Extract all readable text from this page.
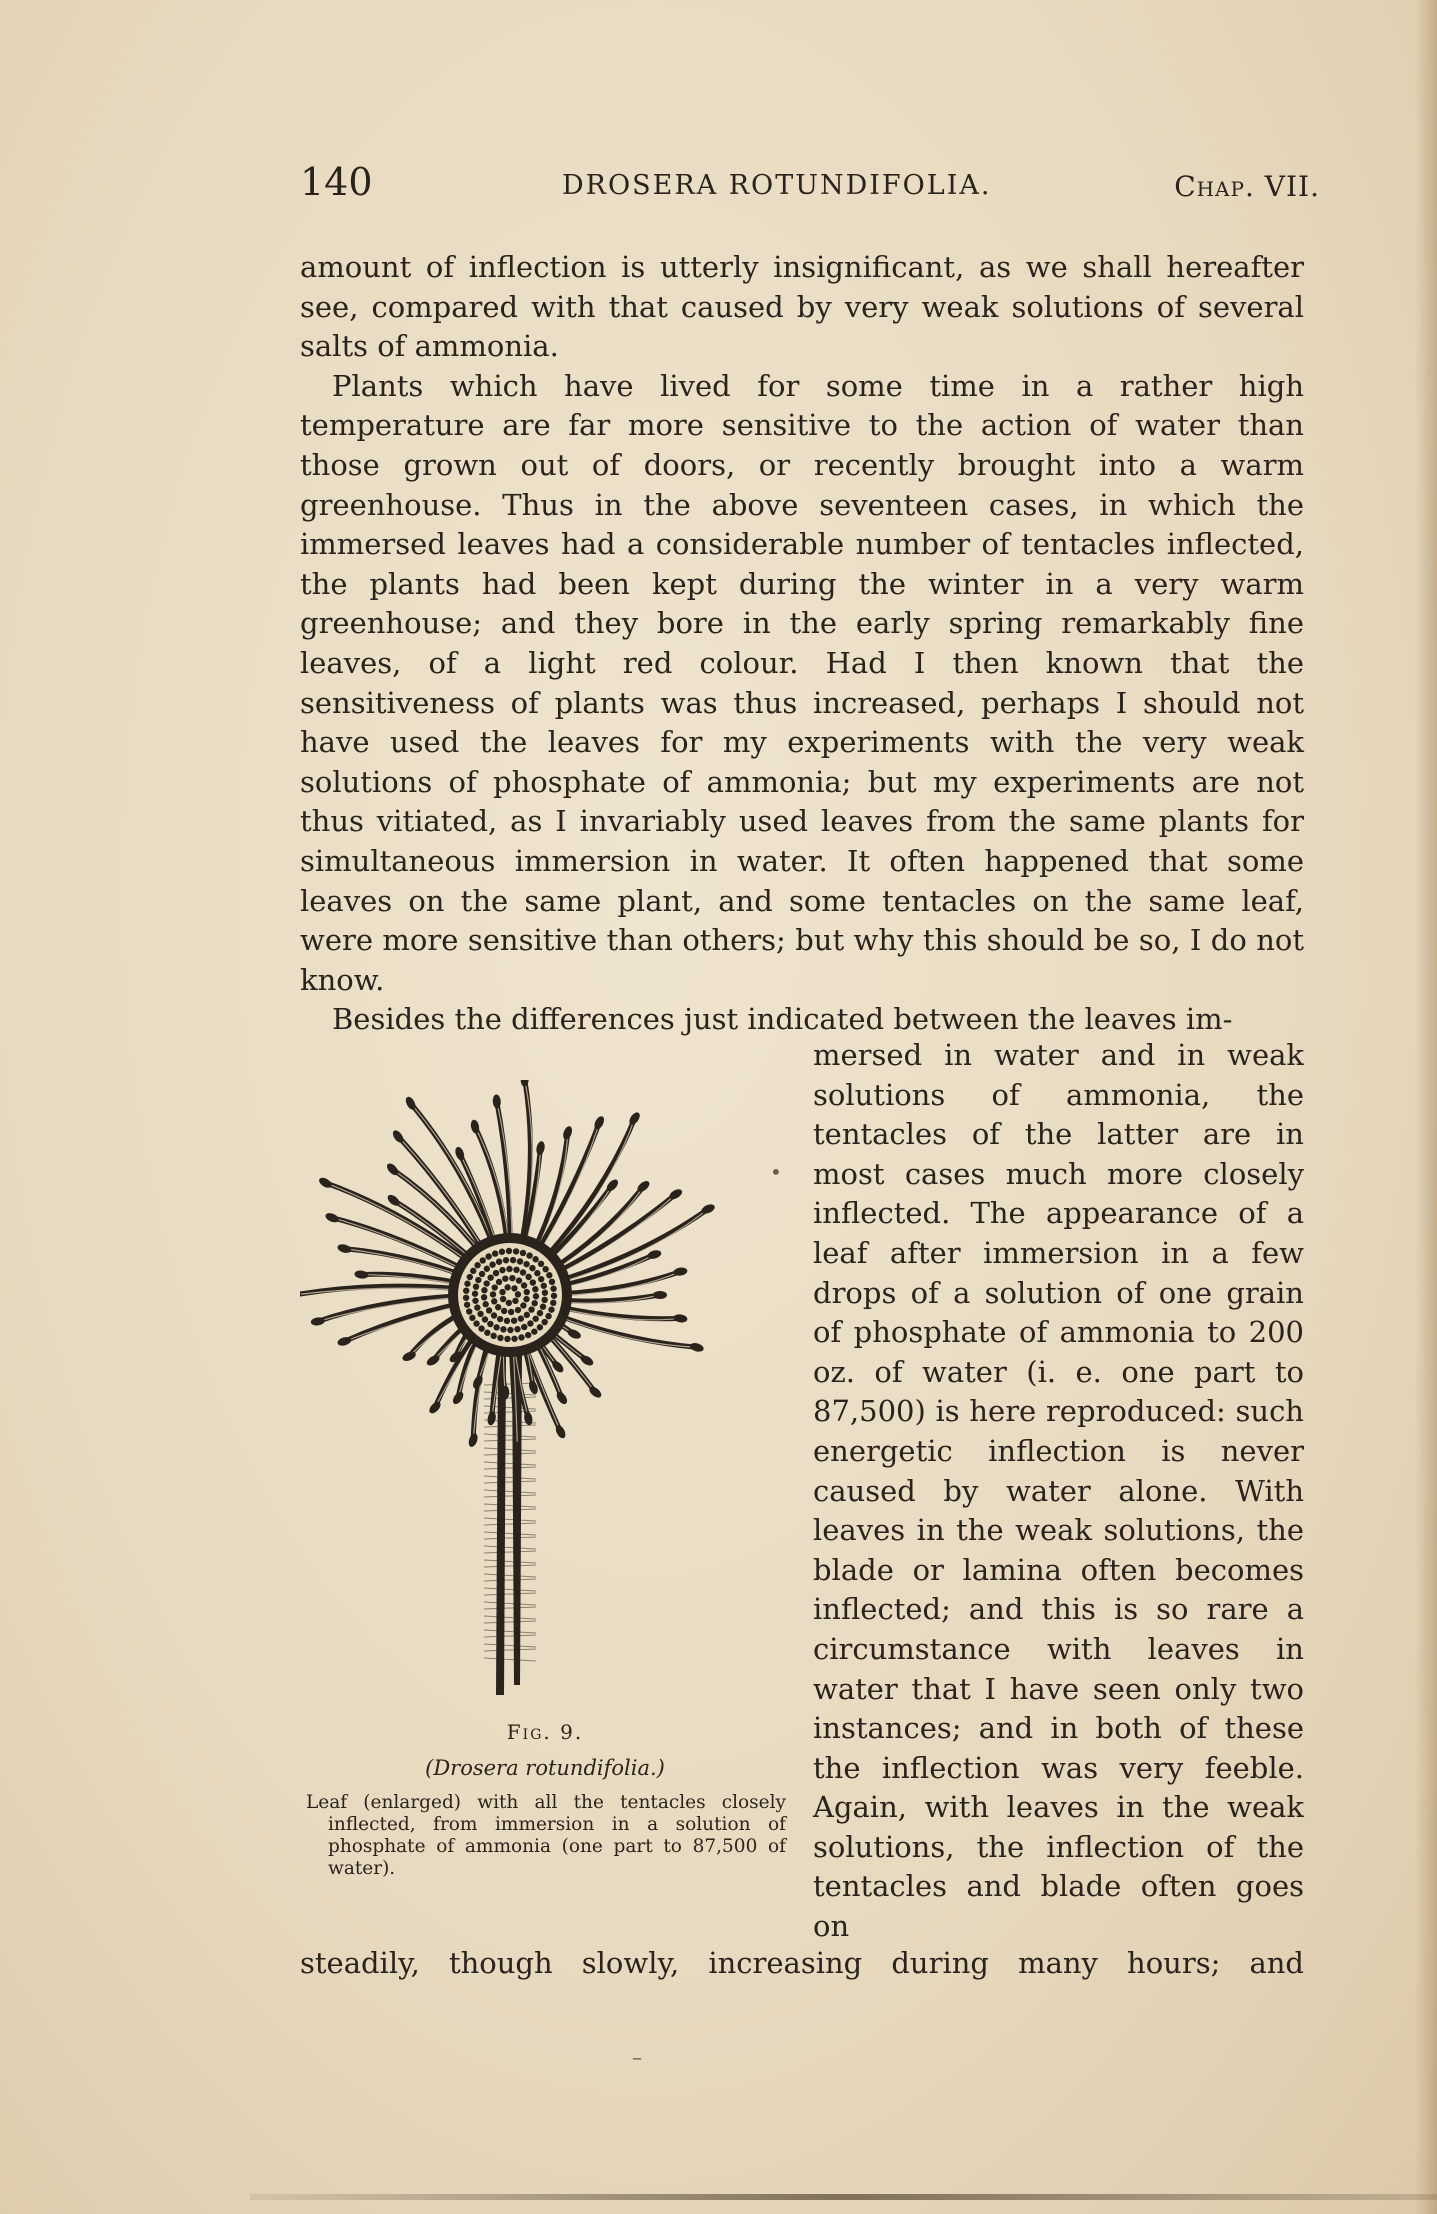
140	DROSERA ROTUNDIFOLIA.	Chap. VII.

amount of inflection is utterly insignificant, as we shall hereafter see, compared with that caused by very weak solutions of several salts of ammonia.

Plants which have lived for some time in a rather high temperature are far more sensitive to the action of water than those grown out of doors, or recently brought into a warm greenhouse. Thus in the above seventeen cases, in which the immersed leaves had a considerable number of tentacles inflected, the plants had been kept during the winter in a very warm greenhouse; and they bore in the early spring remarkably fine leaves, of a light red colour. Had I then known that the sensitiveness of plants was thus increased, perhaps I should not have used the leaves for my experiments with the very weak solutions of phosphate of ammonia; but my experiments are not thus vitiated, as I invariably used leaves from the same plants for simultaneous immersion in water. It often happened that some leaves on the same plant, and some tentacles on the same leaf, were more sensitive than others; but why this should be so, I do not know.

Besides the differences just indicated between the leaves im-

Fig. 9.
(Drosera rotundifolia.)
Leaf (enlarged) with all the tentacles closely inflected, from immersion in a solution of phosphate of ammonia (one part to 87,500 of water).

mersed in water and in weak solutions of ammonia, the tentacles of the latter are in most cases much more closely inflected. The appearance of a leaf after immersion in a few drops of a solution of one grain of phosphate of ammonia to 200 oz. of water (i. e. one part to 87,500) is here reproduced: such energetic inflection is never caused by water alone. With leaves in the weak solutions, the blade or lamina often becomes inflected; and this is so rare a circumstance with leaves in water that I have seen only two instances; and in both of these the inflection was very feeble. Again, with leaves in the weak solutions, the inflection of the tentacles and blade often goes on

steadily, though slowly, increasing during many hours; and

•
–
